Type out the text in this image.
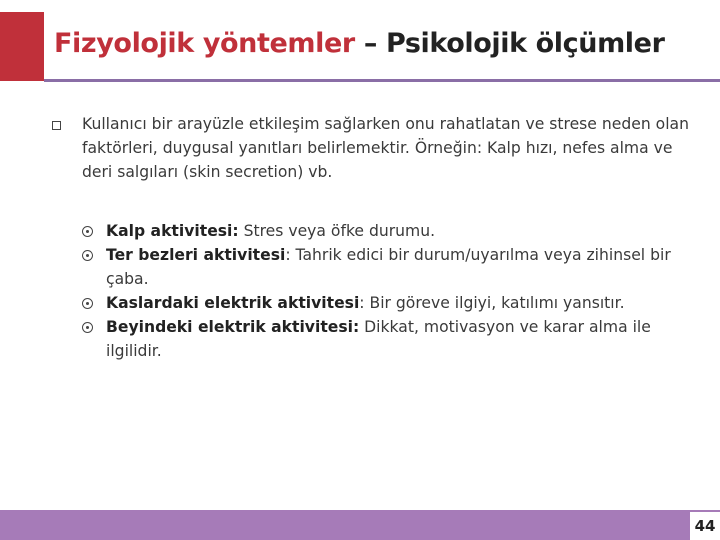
Fizyolojik yöntemler – Psikolojik ölçümler

Kullanıcı bir arayüzle etkileşim sağlarken onu rahatlatan ve strese neden olan faktörleri, duygusal yanıtları belirlemektir. Örneğin: Kalp hızı, nefes alma ve deri salgıları (skin secretion) vb.

Kalp aktivitesi: Stres veya öfke durumu.
Ter bezleri aktivitesi: Tahrik edici bir durum/uyarılma veya zihinsel bir çaba.
Kaslardaki elektrik aktivitesi: Bir göreve ilgiyi, katılımı yansıtır.
Beyindeki elektrik aktivitesi: Dikkat, motivasyon ve karar alma ile ilgilidir.
44
